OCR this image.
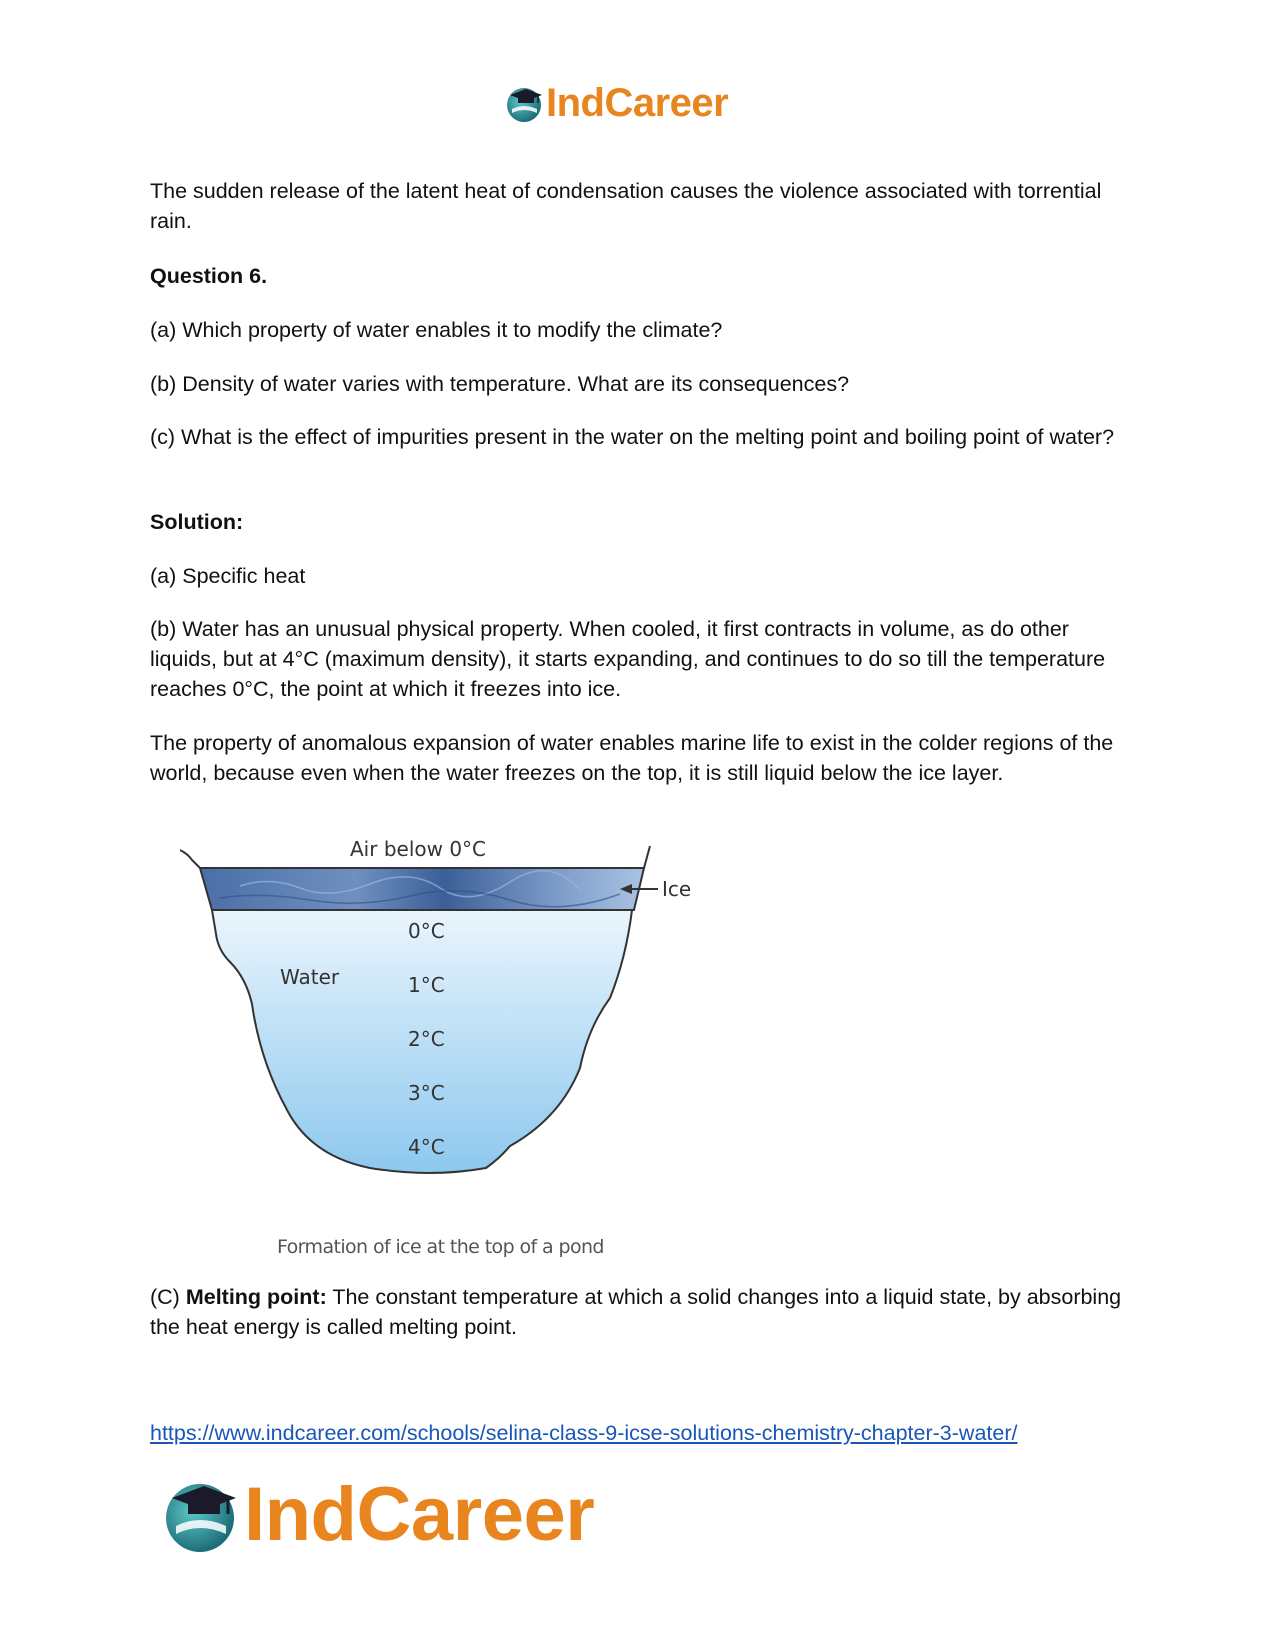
IndCareer

The sudden release of the latent heat of condensation causes the violence associated with torrential rain.

Question 6.

(a) Which property of water enables it to modify the climate?

(b) Density of water varies with temperature. What are its consequences?

(c) What is the effect of impurities present in the water on the melting point and boiling point of water?

Solution:

(a) Specific heat

(b) Water has an unusual physical property. When cooled, it first contracts in volume, as do other liquids, but at 4°C (maximum density), it starts expanding, and continues to do so till the temperature reaches 0°C, the point at which it freezes into ice.

The property of anomalous expansion of water enables marine life to exist in the colder regions of the world, because even when the water freezes on the top, it is still liquid below the ice layer.

Ice
Air below 0°C
Water
0°C
1°C
2°C
3°C
4°C
Formation of ice at the top of a pond

(C) Melting point: The constant temperature at which a solid changes into a liquid state, by absorbing the heat energy is called melting point.

https://www.indcareer.com/schools/selina-class-9-icse-solutions-chemistry-chapter-3-water/
IndCareer
